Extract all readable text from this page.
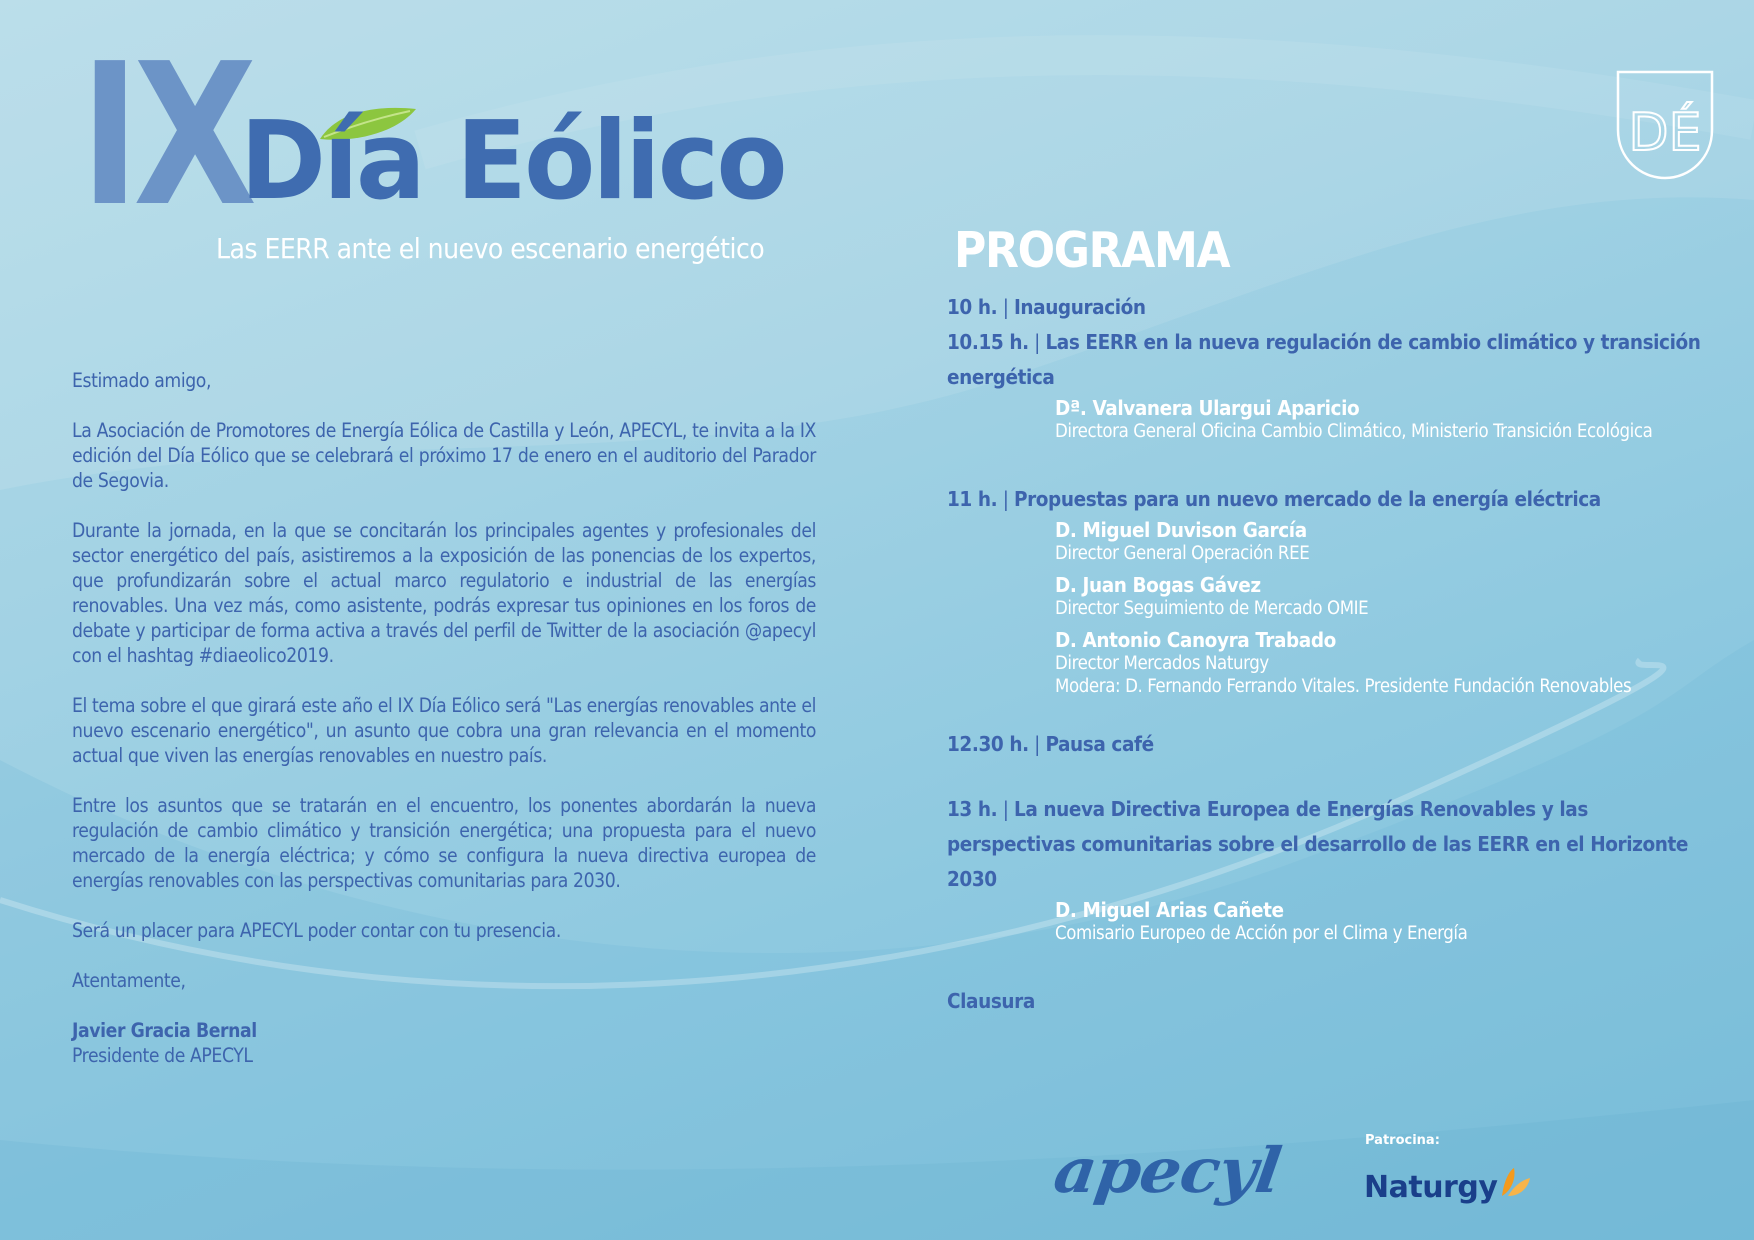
IX
Día Eólico
Las EERR ante el nuevo escenario energético
DÉ

Estimado amigo,

La Asociación de Promotores de Energía Eólica de Castilla y León, APECYL, te invita a la IX edición del Día Eólico que se celebrará el próximo 17 de enero en el auditorio del Parador de Segovia.

Durante la jornada, en la que se concitarán los principales agentes y profesionales del sector energético del país, asistiremos a la exposición de las ponencias de los expertos, que profundizarán sobre el actual marco regulatorio e industrial de las energías renovables. Una vez más, como asistente, podrás expresar tus opiniones en los foros de debate y participar de forma activa a través del perfil de Twitter de la asociación @apecyl con el hashtag #diaeolico2019.

El tema sobre el que girará este año el IX Día Eólico será "Las energías renovables ante el nuevo escenario energético", un asunto que cobra una gran relevancia en el momento actual que viven las energías renovables en nuestro país.

Entre los asuntos que se tratarán en el encuentro, los ponentes abordarán la nueva regulación de cambio climático y transición energética; una propuesta para el nuevo mercado de la energía eléctrica; y cómo se configura la nueva directiva europea de energías renovables con las perspectivas comunitarias para 2030.

Será un placer para APECYL poder contar con tu presencia.

Atentamente,

Javier Gracia Bernal

Presidente de APECYL

PROGRAMA
10 h. | Inauguración
10.15 h. | Las EERR en la nueva regulación de cambio climático y transición energética
Dª. Valvanera Ulargui Aparicio
Directora General Oficina Cambio Climático, Ministerio Transición Ecológica
11 h. | Propuestas para un nuevo mercado de la energía eléctrica
D. Miguel Duvison García
Director General Operación REE
D. Juan Bogas Gávez
Director Seguimiento de Mercado OMIE
D. Antonio Canoyra Trabado
Director Mercados Naturgy
Modera: D. Fernando Ferrando Vitales. Presidente Fundación Renovables
12.30 h. | Pausa café
13 h. | La nueva Directiva Europea de Energías Renovables y las perspectivas comunitarias sobre el desarrollo de las EERR en el Horizonte 2030
D. Miguel Arias Cañete
Comisario Europeo de Acción por el Clima y Energía
Clausura
apecyl	Patrocina:
Naturgy
